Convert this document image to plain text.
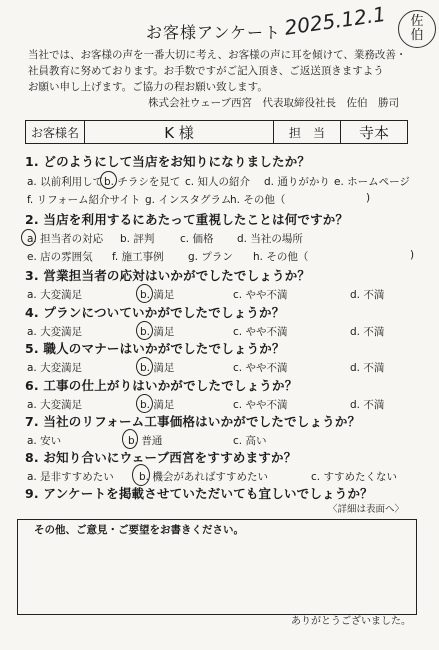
お客様アンケート 2025.12.1	佐
伯
当社では、お客様の声を一番大切に考え、お客様の声に耳を傾けて、業務改善・
社員教育に努めております。お手数ですがご記入頂き、ご返送頂きますよう
お願い申し上げます。ご協力の程お願い致します。
株式会社ウェーブ西宮　代表取締役社長　佐伯　勝司
お客様名	K 様	担　当	寺本
1. どのようにして当店をお知りになりましたか？
a. 以前利用して b. チラシを見て c. 知人の紹介 d. 通りがかり e. ホームページ
f. リフォーム紹介サイト g. インスタグラム
h. その他（	)
2. 当店を利用するにあたって重視したことは何ですか？
a. 担当者の対応 b. 評判 c. 価格 d. 当社の場所
e. 店の雰囲気 f. 施工事例 g. プラン h. その他（	)
3. 営業担当者の応対はいかがでしたでしょうか？
a. 大変満足	b. 満足	c. やや不満	d. 不満
4. プランについていかがでしたでしょうか？
a. 大変満足	b. 満足	c. やや不満	d. 不満
5. 職人のマナーはいかがでしたでしょうか？
a. 大変満足	b. 満足	c. やや不満	d. 不満
6. 工事の仕上がりはいかがでしたでしょうか？
a. 大変満足	b. 満足	c. やや不満	d. 不満
7. 当社のリフォーム工事価格はいかがでしたでしょうか？
a. 安い	b. 普通	c. 高い
8. お知り合いにウェーブ西宮をすすめますか？
a. 是非すすめたい b. 機会があればすすめたい	c. すすめたくない
9. アンケートを掲載させていただいても宜しいでしょうか？
〈詳細は表面へ〉
その他、ご意見・ご要望をお書きください。
ありがとうございました。
